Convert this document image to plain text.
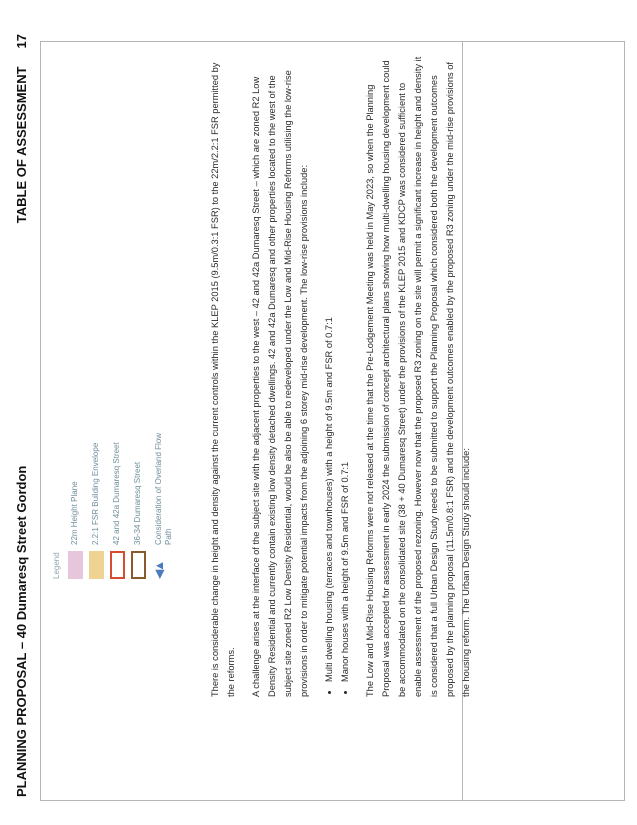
PLANNING PROPOSAL – 40 Dumaresq Street Gordon
TABLE OF ASSESSMENT17
Legend
22m Height Plane 2.2:1 FSR Building Envelope 42 and 42a Dumaresq Street 36-34 Dumaresq Street
◀▲
Consideration of Overland Flow Path	There is considerable change in height and density against the current controls within the KLEP 2015 (9.5m/0.3:1 FSR) to the 22m/2.2:1 FSR permitted by the reforms.	A challenge arises at the interface of the subject site with the adjacent properties to the west – 42 and 42a Dumaresq Street – which are zoned R2 Low Density Residential and currently contain existing low density detached dwellings. 42 and 42a Dumaresq and other properties located to the west of the subject site zoned R2 Low Density Residential, would be also be able to redeveloped under the Low and Mid-Rise Housing Reforms utilising the low-rise provisions in order to mitigate potential impacts from the adjoining 6 storey mid-rise development. The low-rise provisions include:	• Multi dwelling housing (terraces and townhouses) with a height of 9.5m and FSR of 0.7:1 • Manor houses with a height of 9.5m and FSR of 0.7:1	The Low and Mid-Rise Housing Reforms were not released at the time that the Pre-Lodgement Meeting was held in May 2023, so when the Planning Proposal was accepted for assessment in early 2024 the submission of concept architectural plans showing how multi-dwelling housing development could be accommodated on the consolidated site (38 + 40 Dumaresq Street) under the provisions of the KLEP 2015 and KDCP was considered sufficient to enable assessment of the proposed rezoning. However now that the proposed R3 zoning on the site will permit a significant increase in height and density it is considered that a full Urban Design Study needs to be submitted to support the Planning Proposal which considered both the development outcomes proposed by the planning proposal (11.5m/0.8:1 FSR) and the development outcomes enabled by the proposed R3 zoning under the mid-rise provisions of the housing reform. The Urban Design Study should include:
